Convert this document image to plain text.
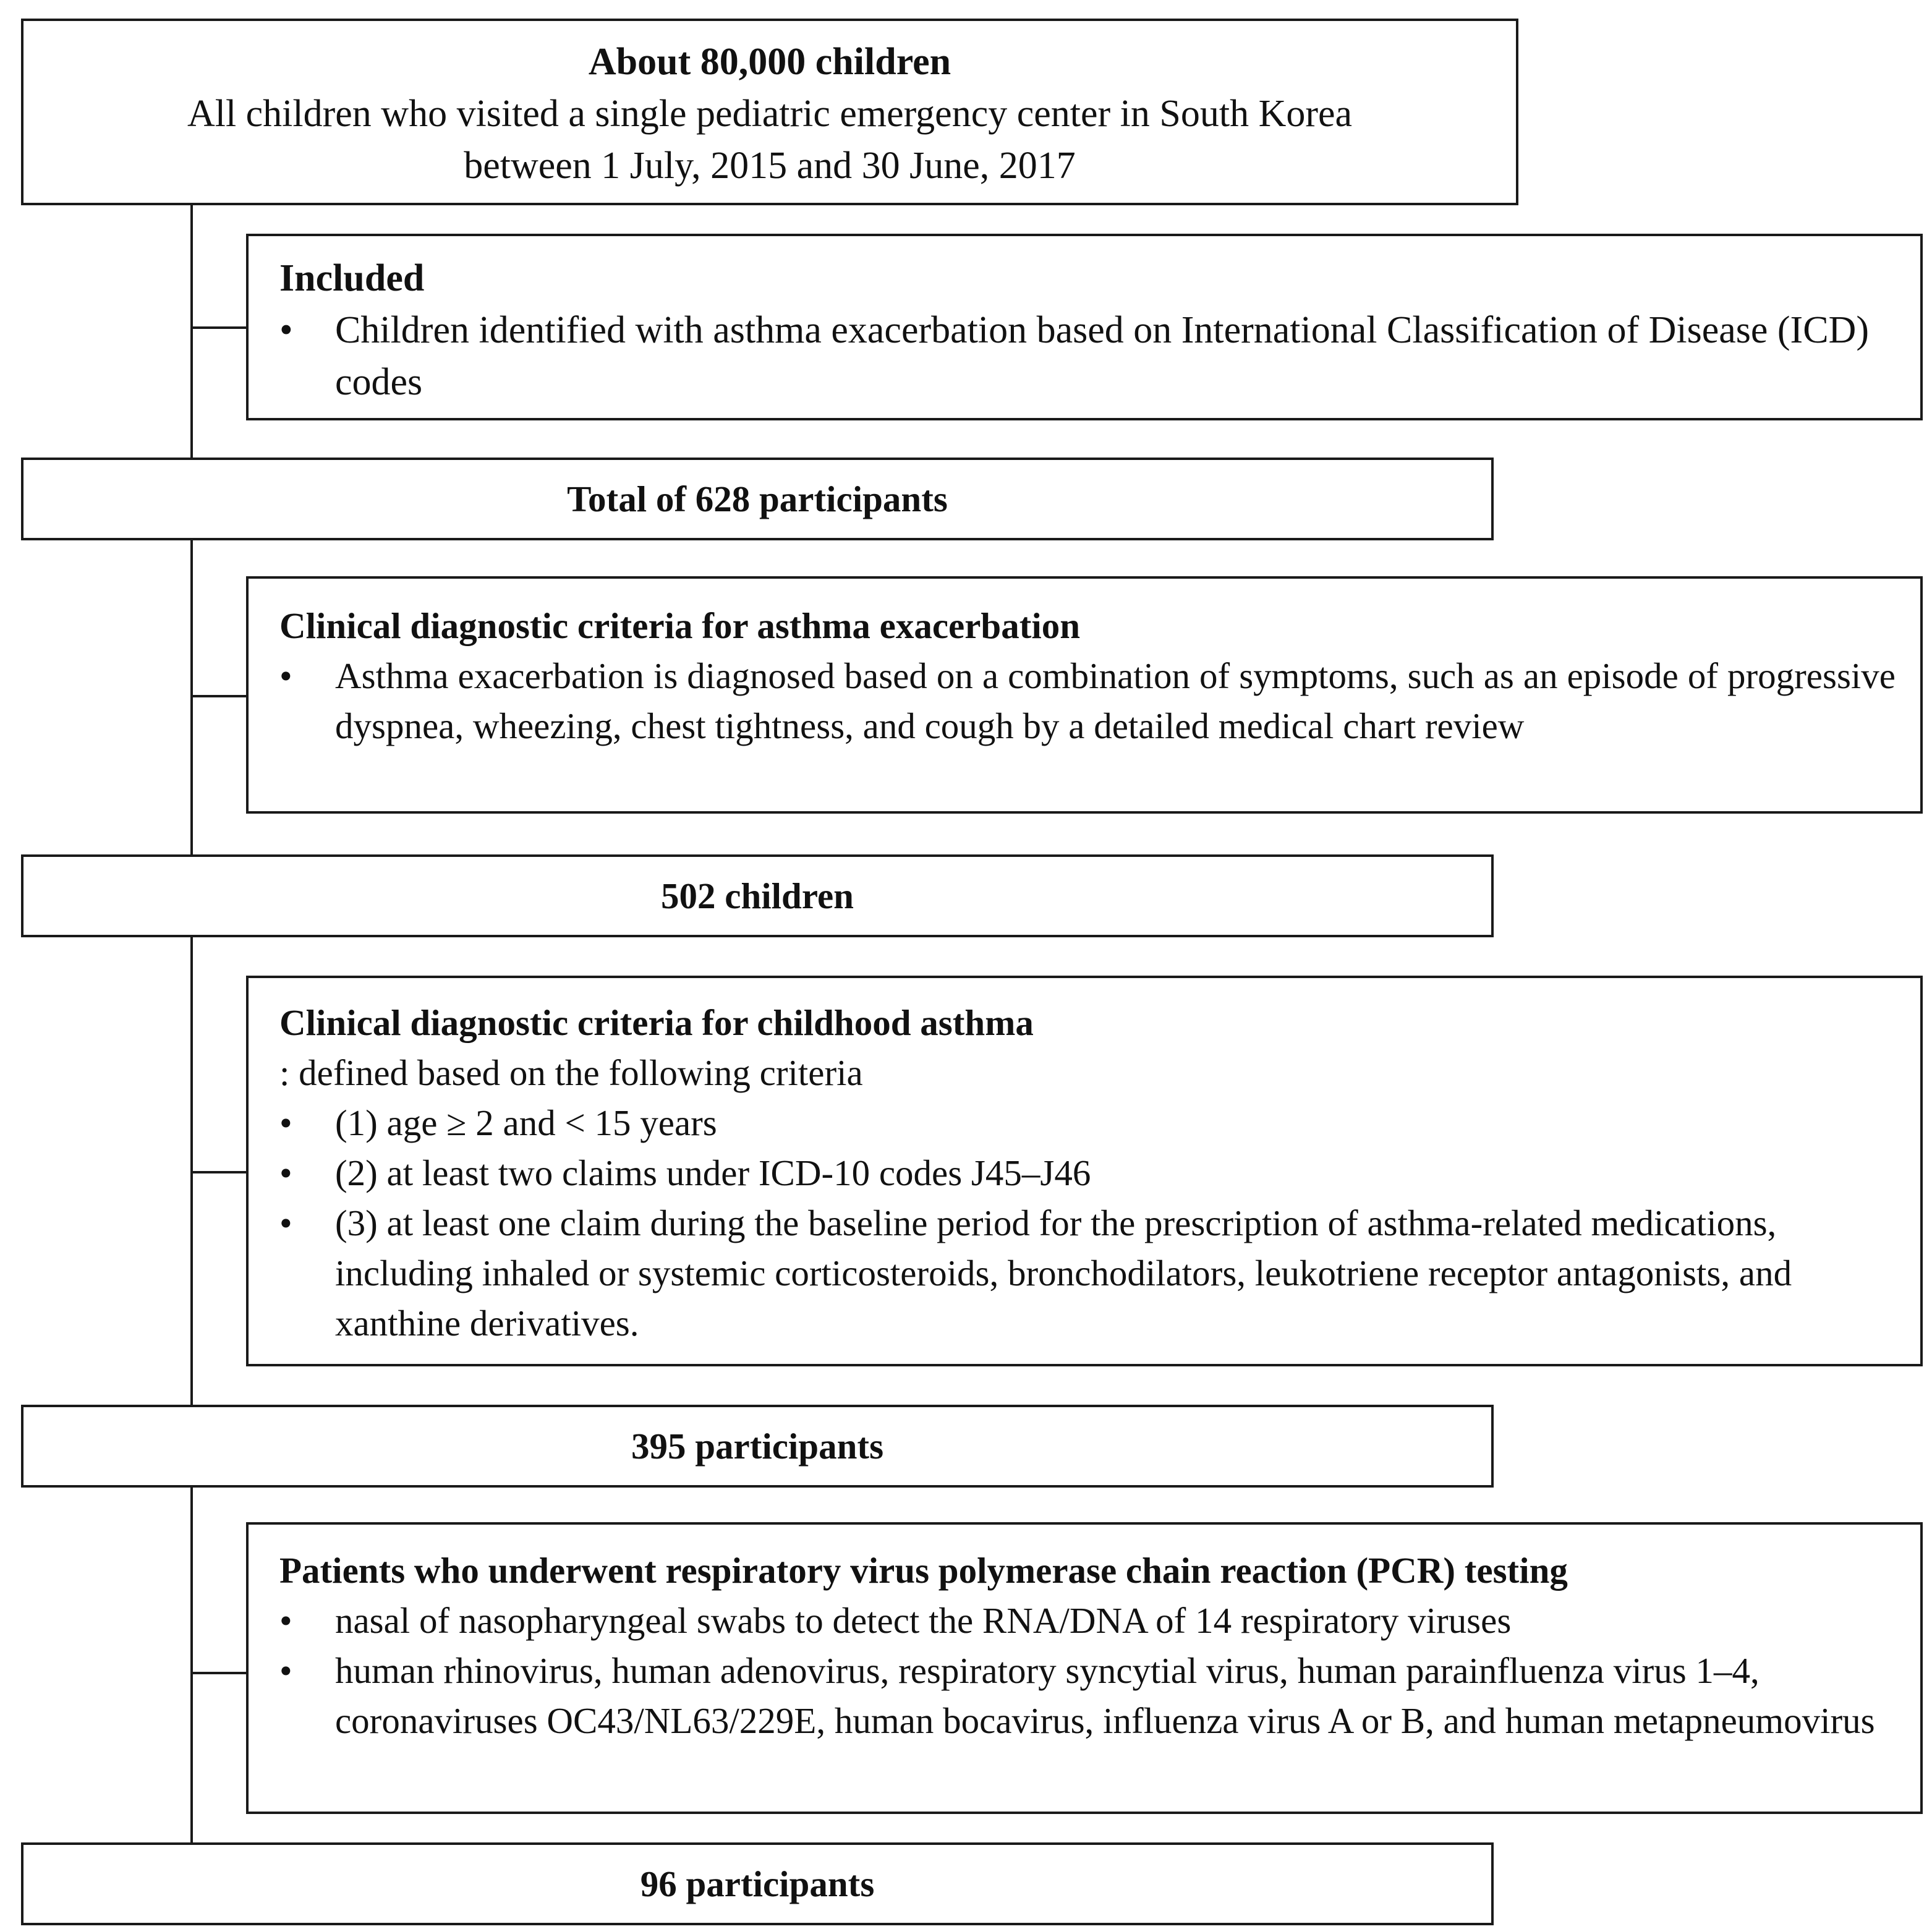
About 80,000 children
All children who visited a single pediatric emergency center in South Korea
between 1 July, 2015 and 30 June, 2017
Included
• Children identified with asthma exacerbation based on International Classification of Disease (ICD) codes
Total of 628 participants
Clinical diagnostic criteria for asthma exacerbation
• Asthma exacerbation is diagnosed based on a combination of symptoms, such as an episode of progressive dyspnea, wheezing, chest tightness, and cough by a detailed medical chart review
502 children
Clinical diagnostic criteria for childhood asthma
: defined based on the following criteria
• (1) age ≥ 2 and < 15 years
• (2) at least two claims under ICD-10 codes J45–J46
• (3) at least one claim during the baseline period for the prescription of asthma-related medications, including inhaled or systemic corticosteroids, bronchodilators, leukotriene receptor antagonists, and xanthine derivatives.
395 participants
Patients who underwent respiratory virus polymerase chain reaction (PCR) testing
• nasal of nasopharyngeal swabs to detect the RNA/DNA of 14 respiratory viruses
• human rhinovirus, human adenovirus, respiratory syncytial virus, human parainfluenza virus 1–4, coronaviruses OC43/NL63/229E, human bocavirus, influenza virus A or B, and human metapneumovirus
96 participants
